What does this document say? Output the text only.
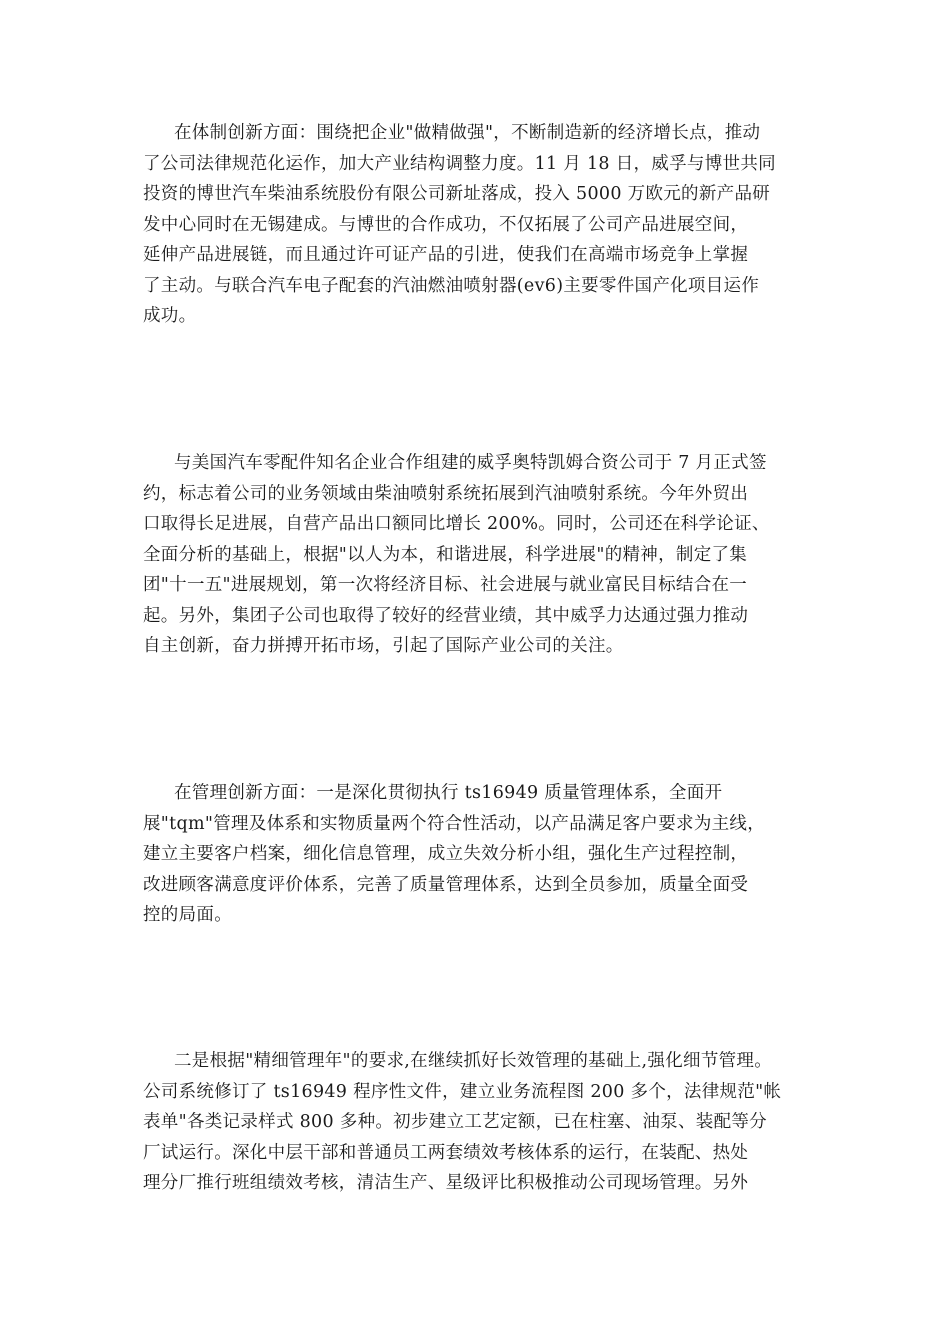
在体制创新方面：围绕把企业"做精做强"，不断制造新的经济增长点，推动
了公司法律规范化运作，加大产业结构调整力度。11 月 18 日，威孚与博世共同
投资的博世汽车柴油系统股份有限公司新址落成，投入 5000 万欧元的新产品研
发中心同时在无锡建成。与博世的合作成功，不仅拓展了公司产品进展空间，
延伸产品进展链，而且通过许可证产品的引进，使我们在高端市场竞争上掌握
了主动。与联合汽车电子配套的汽油燃油喷射器(ev6)主要零件国产化项目运作
成功。
与美国汽车零配件知名企业合作组建的威孚奥特凯姆合资公司于 7 月正式签
约，标志着公司的业务领域由柴油喷射系统拓展到汽油喷射系统。今年外贸出
口取得长足进展，自营产品出口额同比增长 200%。同时，公司还在科学论证、
全面分析的基础上，根据"以人为本，和谐进展，科学进展"的精神，制定了集
团"十一五"进展规划，第一次将经济目标、社会进展与就业富民目标结合在一
起。另外，集团子公司也取得了较好的经营业绩，其中威孚力达通过强力推动
自主创新，奋力拼搏开拓市场，引起了国际产业公司的关注。
在管理创新方面：一是深化贯彻执行 ts16949 质量管理体系，全面开
展"tqm"管理及体系和实物质量两个符合性活动，以产品满足客户要求为主线，
建立主要客户档案，细化信息管理，成立失效分析小组，强化生产过程控制，
改进顾客满意度评价体系，完善了质量管理体系，达到全员参加，质量全面受
控的局面。
二是根据"精细管理年"的要求,在继续抓好长效管理的基础上,强化细节管理。
公司系统修订了 ts16949 程序性文件，建立业务流程图 200 多个，法律规范"帐
表单"各类记录样式 800 多种。初步建立工艺定额，已在柱塞、油泵、装配等分
厂试运行。深化中层干部和普通员工两套绩效考核体系的运行，在装配、热处
理分厂推行班组绩效考核，清洁生产、星级评比积极推动公司现场管理。另外
